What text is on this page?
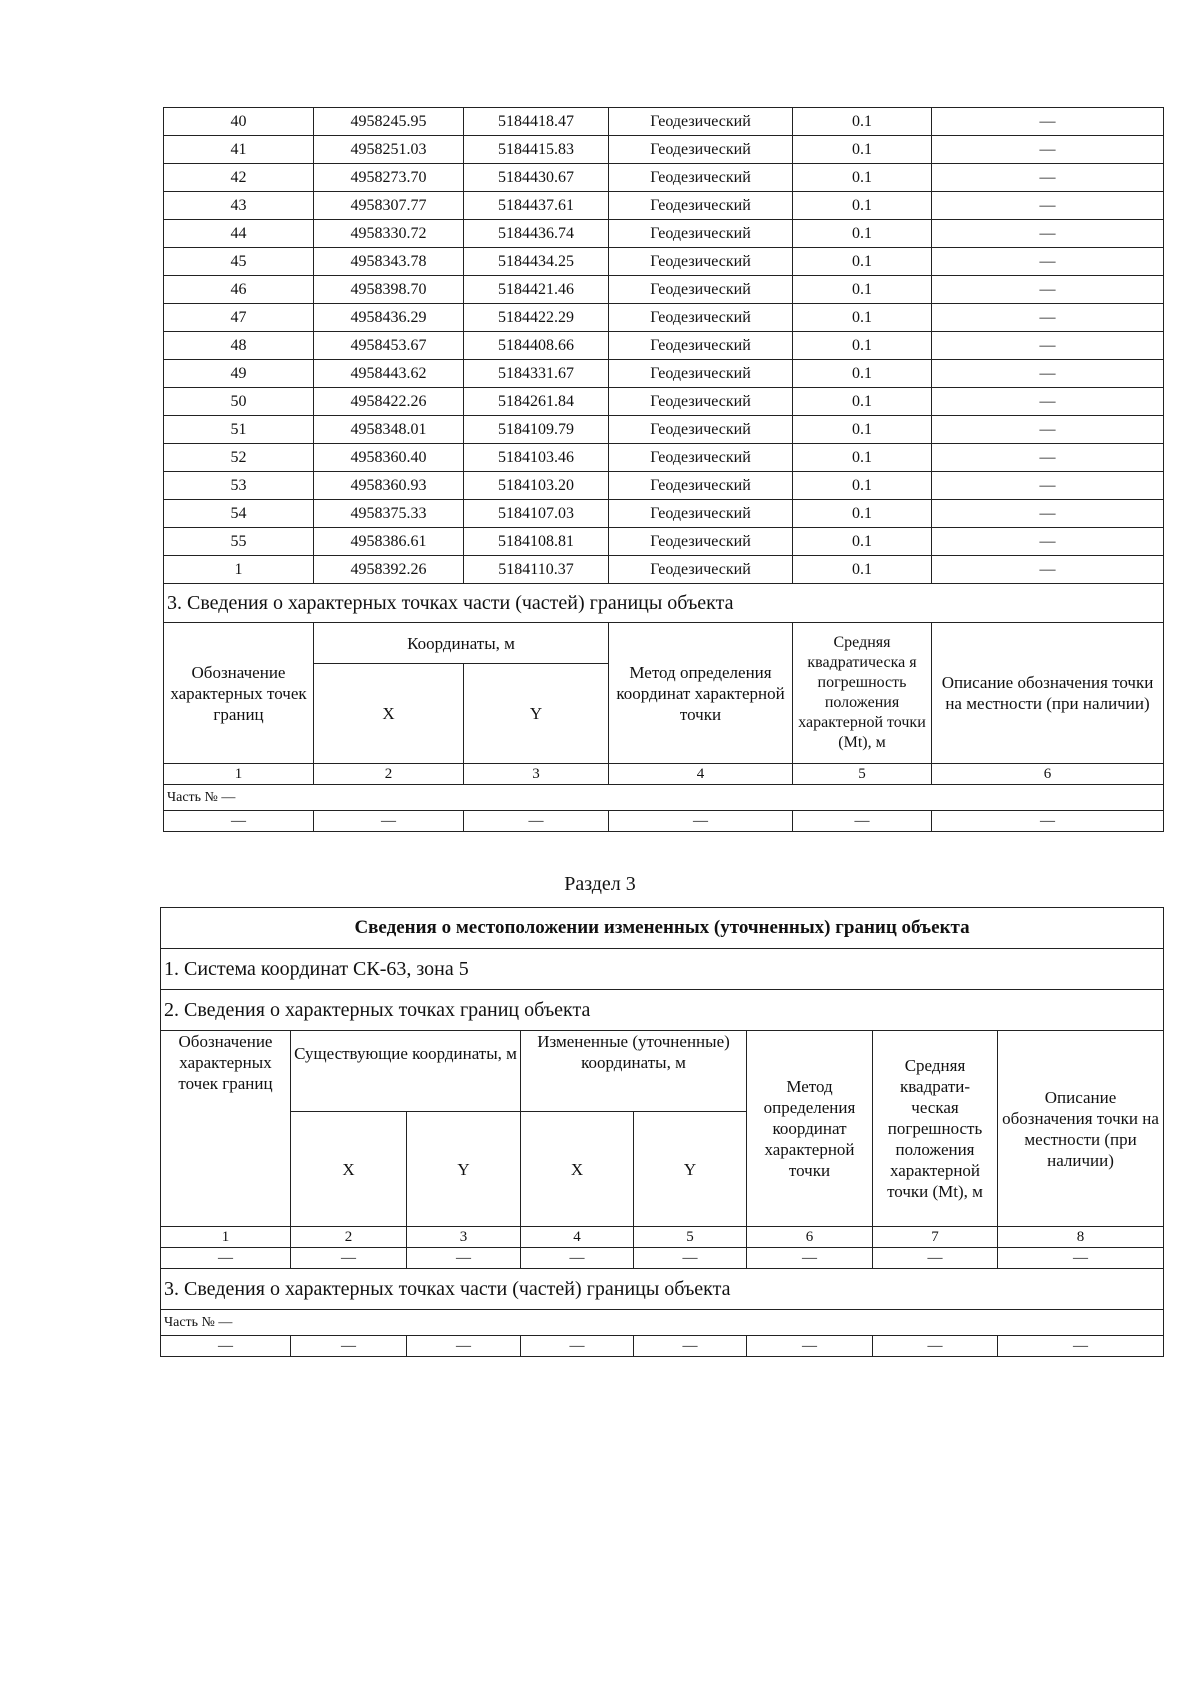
40	4958245.95	5184418.47	Геодезический	0.1	—
41	4958251.03	5184415.83	Геодезический	0.1	—
42	4958273.70	5184430.67	Геодезический	0.1	—
43	4958307.77	5184437.61	Геодезический	0.1	—
44	4958330.72	5184436.74	Геодезический	0.1	—
45	4958343.78	5184434.25	Геодезический	0.1	—
46	4958398.70	5184421.46	Геодезический	0.1	—
47	4958436.29	5184422.29	Геодезический	0.1	—
48	4958453.67	5184408.66	Геодезический	0.1	—
49	4958443.62	5184331.67	Геодезический	0.1	—
50	4958422.26	5184261.84	Геодезический	0.1	—
51	4958348.01	5184109.79	Геодезический	0.1	—
52	4958360.40	5184103.46	Геодезический	0.1	—
53	4958360.93	5184103.20	Геодезический	0.1	—
54	4958375.33	5184107.03	Геодезический	0.1	—
55	4958386.61	5184108.81	Геодезический	0.1	—
1	4958392.26	5184110.37	Геодезический	0.1	—
3. Сведения о характерных точках части (частей) границы объекта					
Обозначение характерных точек границ	Координаты, м		Метод определения координат характерной точки	Средняя квадратическа я погрешность положения характерной точки (Mt), м	Описание обозначения точки на местности (при наличии)
	X	Y			
1	2	3	4	5	6
Часть № —					
—	—	—	—	—	—
Раздел 3
Сведения о местоположении измененных (уточненных) границ объекта							
1. Система координат СК-63, зона 5							
2. Сведения о характерных точках границ объекта							
Обозначение характерных точек границ	Существующие координаты, м		Измененные (уточненные) координаты, м		Метод определения координат характерной точки	Средняя квадрати- ческая погрешность положения характерной точки (Mt), м	Описание обозначения точки на местности (при наличии)
	X	Y	X	Y			
1	2	3	4	5	6	7	8
—	—	—	—	—	—	—	—
3. Сведения о характерных точках части (частей) границы объекта							
Часть № —							
—	—	—	—	—	—	—	—
